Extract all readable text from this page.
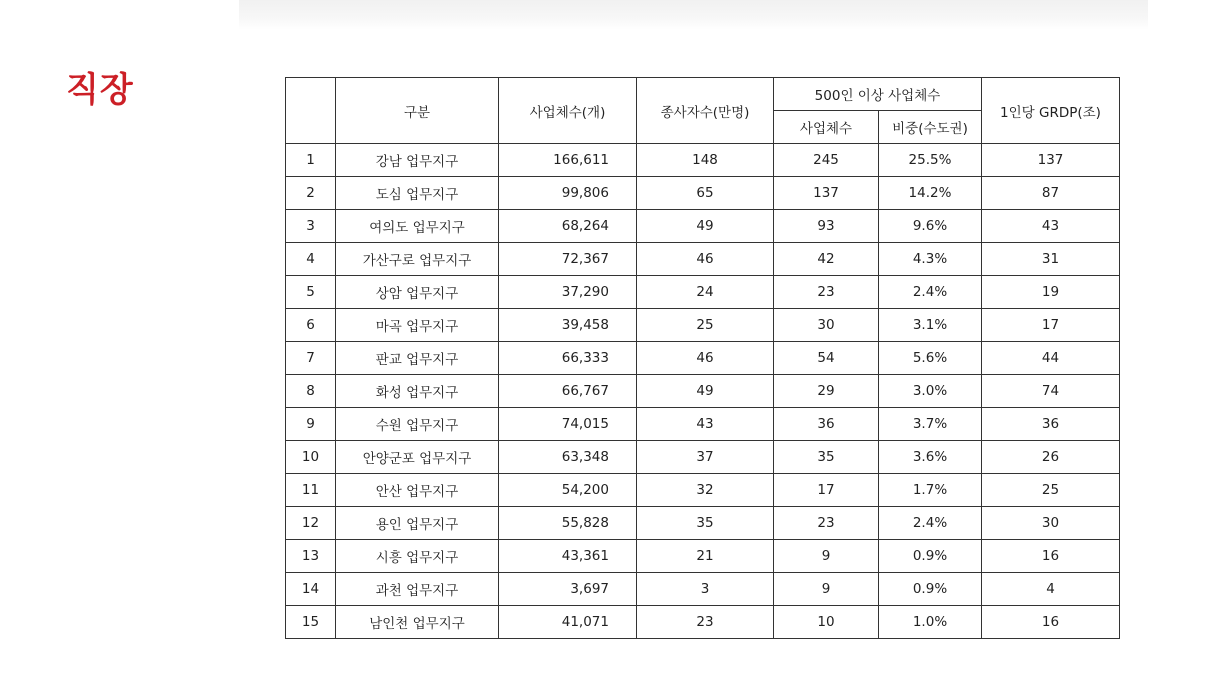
직장
	구분	사업체수(개)	종사자수(만명)	500인 이상 사업체수		1인당 GRDP(조)
				사업체수	비중(수도권)	
1	강남 업무지구	166,611	148	245	25.5%	137
2	도심 업무지구	99,806	65	137	14.2%	87
3	여의도 업무지구	68,264	49	93	9.6%	43
4	가산구로 업무지구	72,367	46	42	4.3%	31
5	상암 업무지구	37,290	24	23	2.4%	19
6	마곡 업무지구	39,458	25	30	3.1%	17
7	판교 업무지구	66,333	46	54	5.6%	44
8	화성 업무지구	66,767	49	29	3.0%	74
9	수원 업무지구	74,015	43	36	3.7%	36
10	안양군포 업무지구	63,348	37	35	3.6%	26
11	안산 업무지구	54,200	32	17	1.7%	25
12	용인 업무지구	55,828	35	23	2.4%	30
13	시흥 업무지구	43,361	21	9	0.9%	16
14	과천 업무지구	3,697	3	9	0.9%	4
15	남인천 업무지구	41,071	23	10	1.0%	16
